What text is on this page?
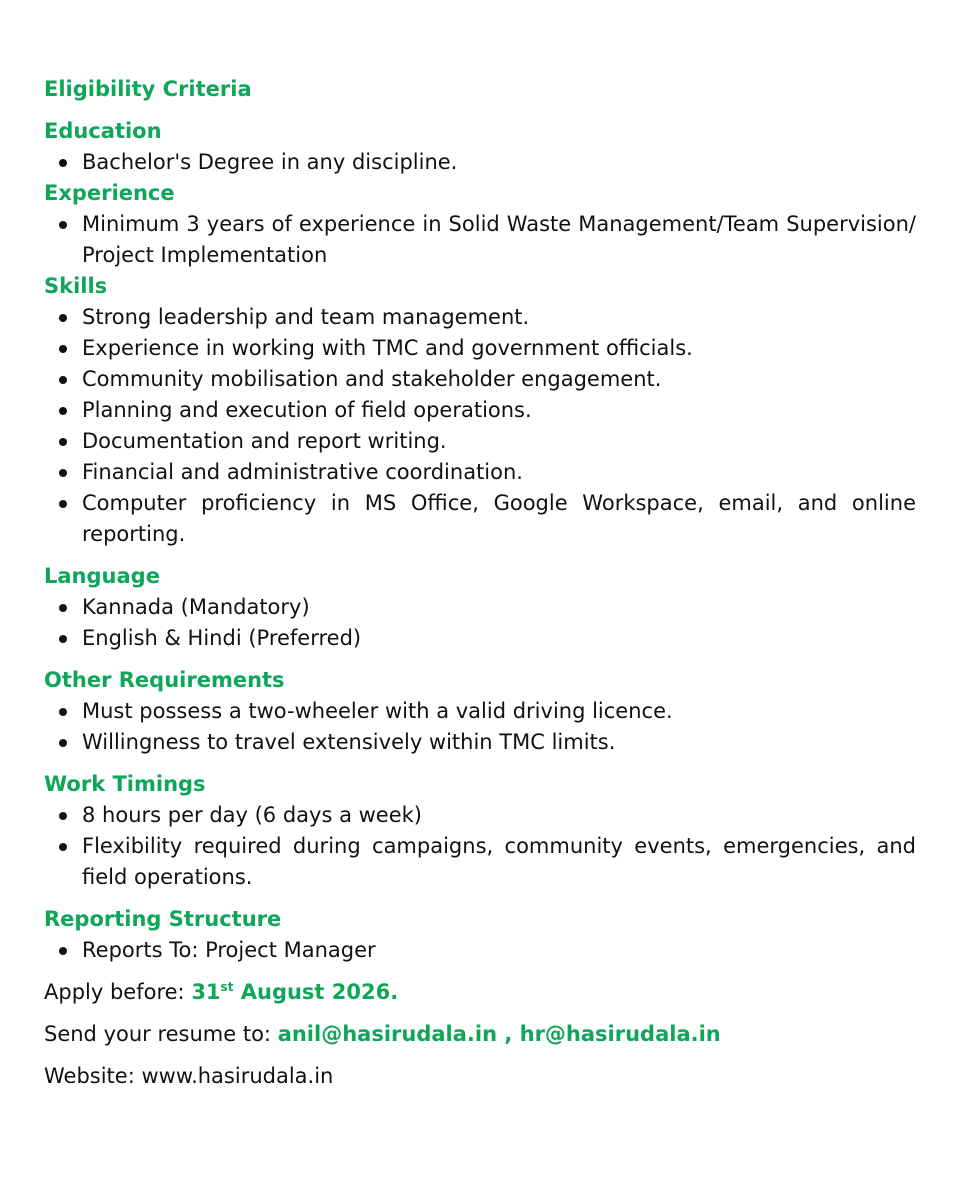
Eligibility Criteria
Education
Bachelor's Degree in any discipline.
Experience
Minimum 3 years of experience in Solid Waste Management/Team Supervision/ Project Implementation
Skills
Strong leadership and team management.
Experience in working with TMC and government officials.
Community mobilisation and stakeholder engagement.
Planning and execution of field operations.
Documentation and report writing.
Financial and administrative coordination.
Computer proficiency in MS Office, Google Workspace, email, and online reporting.
Language
Kannada (Mandatory)
English & Hindi (Preferred)
Other Requirements
Must possess a two-wheeler with a valid driving licence.
Willingness to travel extensively within TMC limits.
Work Timings
8 hours per day (6 days a week)
Flexibility required during campaigns, community events, emergencies, and field operations.
Reporting Structure
Reports To: Project Manager
Apply before: 31st August 2026.
Send your resume to: anil@hasirudala.in , hr@hasirudala.in
Website: www.hasirudala.in
